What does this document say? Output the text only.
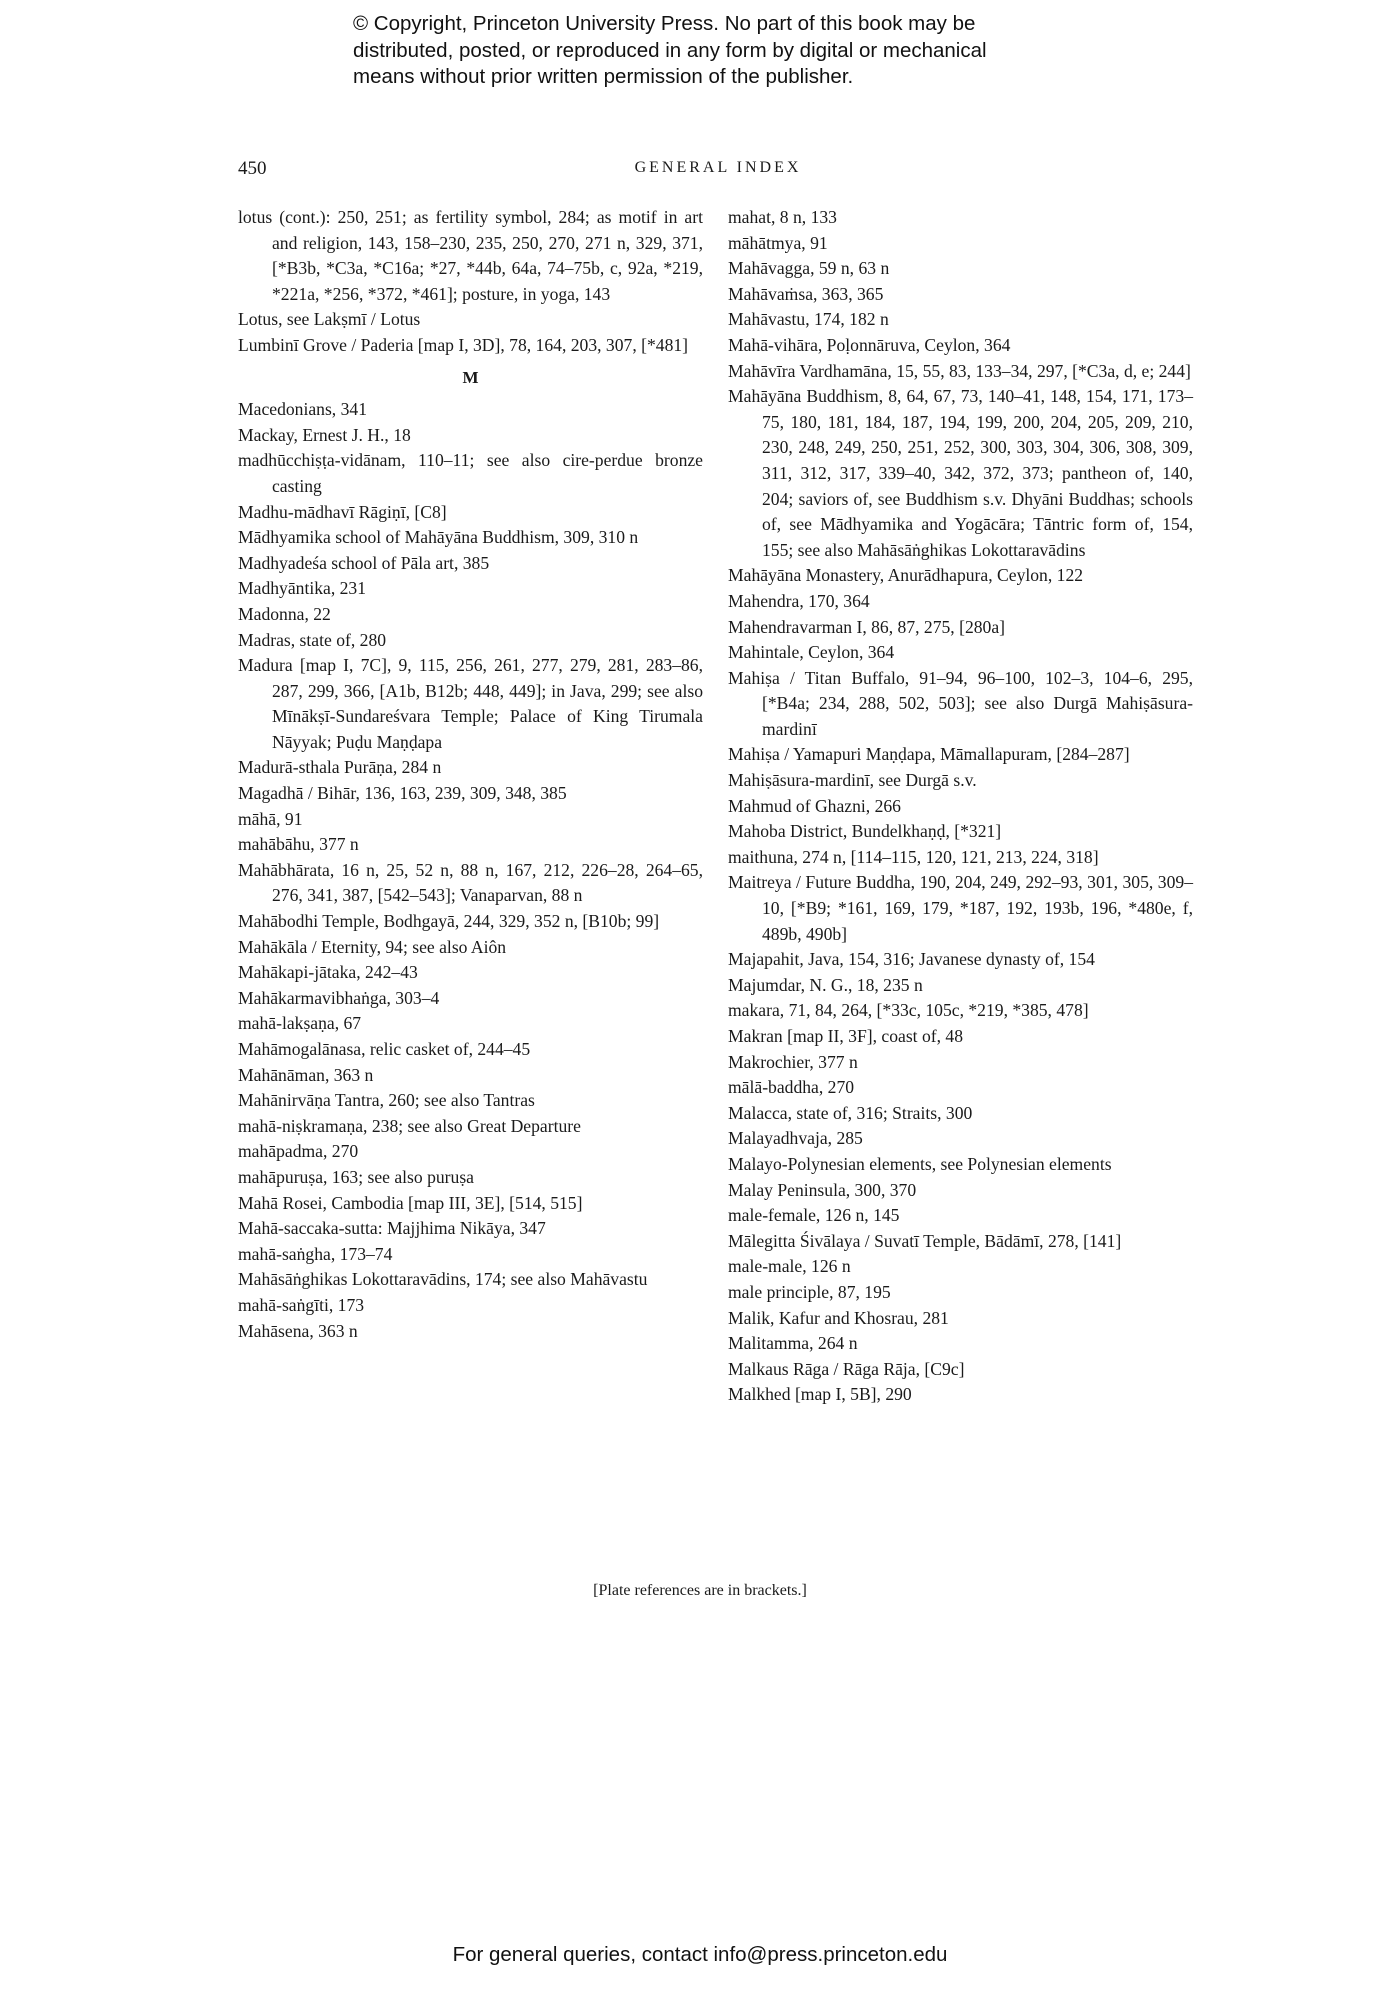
© Copyright, Princeton University Press. No part of this book may be
distributed, posted, or reproduced in any form by digital or mechanical
means without prior written permission of the publisher.
450	GENERAL INDEX
lotus (cont.): 250, 251; as fertility symbol, 284; as motif in art and religion, 143, 158–230, 235, 250, 270, 271 n, 329, 371, [*B3b, *C3a, *C16a; *27, *44b, 64a, 74–75b, c, 92a, *219, *221a, *256, *372, *461]; posture, in yoga, 143
Lotus, see Lakṣmī / Lotus
Lumbinī Grove / Paderia [map I, 3D], 78, 164, 203, 307, [*481]
M
Macedonians, 341
Mackay, Ernest J. H., 18
madhūcchiṣṭa-vidānam, 110–11; see also cire-perdue bronze casting
Madhu-mādhavī Rāgiṇī, [C8]
Mādhyamika school of Mahāyāna Buddhism, 309, 310 n
Madhyadeśa school of Pāla art, 385
Madhyāntika, 231
Madonna, 22
Madras, state of, 280
Madura [map I, 7C], 9, 115, 256, 261, 277, 279, 281, 283–86, 287, 299, 366, [A1b, B12b; 448, 449]; in Java, 299; see also Mīnākṣī-Sundareśvara Temple; Palace of King Tirumala Nāyyak; Puḍu Maṇḍapa
Madurā-sthala Purāṇa, 284 n
Magadhā / Bihār, 136, 163, 239, 309, 348, 385
māhā, 91
mahābāhu, 377 n
Mahābhārata, 16 n, 25, 52 n, 88 n, 167, 212, 226–28, 264–65, 276, 341, 387, [542–543]; Vanaparvan, 88 n
Mahābodhi Temple, Bodhgayā, 244, 329, 352 n, [B10b; 99]
Mahākāla / Eternity, 94; see also Aiôn
Mahākapi-jātaka, 242–43
Mahākarmavibhaṅga, 303–4
mahā-lakṣaṇa, 67
Mahāmogalānasa, relic casket of, 244–45
Mahānāman, 363 n
Mahānirvāṇa Tantra, 260; see also Tantras
mahā-niṣkramaṇa, 238; see also Great Departure
mahāpadma, 270
mahāpuruṣa, 163; see also puruṣa
Mahā Rosei, Cambodia [map III, 3E], [514, 515]
Mahā-saccaka-sutta: Majjhima Nikāya, 347
mahā-saṅgha, 173–74
Mahāsāṅghikas Lokottaravādins, 174; see also Mahāvastu
mahā-saṅgīti, 173
Mahāsena, 363 n
mahat, 8 n, 133
māhātmya, 91
Mahāvagga, 59 n, 63 n
Mahāvaṁsa, 363, 365
Mahāvastu, 174, 182 n
Mahā-vihāra, Poḷonnāruva, Ceylon, 364
Mahāvīra Vardhamāna, 15, 55, 83, 133–34, 297, [*C3a, d, e; 244]
Mahāyāna Buddhism, 8, 64, 67, 73, 140–41, 148, 154, 171, 173–75, 180, 181, 184, 187, 194, 199, 200, 204, 205, 209, 210, 230, 248, 249, 250, 251, 252, 300, 303, 304, 306, 308, 309, 311, 312, 317, 339–40, 342, 372, 373; pantheon of, 140, 204; saviors of, see Buddhism s.v. Dhyāni Buddhas; schools of, see Mādhyamika and Yogācāra; Tāntric form of, 154, 155; see also Mahāsāṅghikas Lokottaravādins
Mahāyāna Monastery, Anurādhapura, Ceylon, 122
Mahendra, 170, 364
Mahendravarman I, 86, 87, 275, [280a]
Mahintale, Ceylon, 364
Mahiṣa / Titan Buffalo, 91–94, 96–100, 102–3, 104–6, 295, [*B4a; 234, 288, 502, 503]; see also Durgā Mahiṣāsura-mardinī
Mahiṣa / Yamapuri Maṇḍapa, Māmallapuram, [284–287]
Mahiṣāsura-mardinī, see Durgā s.v.
Mahmud of Ghazni, 266
Mahoba District, Bundelkhaṇḍ, [*321]
maithuna, 274 n, [114–115, 120, 121, 213, 224, 318]
Maitreya / Future Buddha, 190, 204, 249, 292–93, 301, 305, 309–10, [*B9; *161, 169, 179, *187, 192, 193b, 196, *480e, f, 489b, 490b]
Majapahit, Java, 154, 316; Javanese dynasty of, 154
Majumdar, N. G., 18, 235 n
makara, 71, 84, 264, [*33c, 105c, *219, *385, 478]
Makran [map II, 3F], coast of, 48
Makrochier, 377 n
mālā-baddha, 270
Malacca, state of, 316; Straits, 300
Malayadhvaja, 285
Malayo-Polynesian elements, see Polynesian elements
Malay Peninsula, 300, 370
male-female, 126 n, 145
Mālegitta Śivālaya / Suvatī Temple, Bādāmī, 278, [141]
male-male, 126 n
male principle, 87, 195
Malik, Kafur and Khosrau, 281
Malitamma, 264 n
Malkaus Rāga / Rāga Rāja, [C9c]
Malkhed [map I, 5B], 290
[Plate references are in brackets.]
For general queries, contact info@press.princeton.edu
